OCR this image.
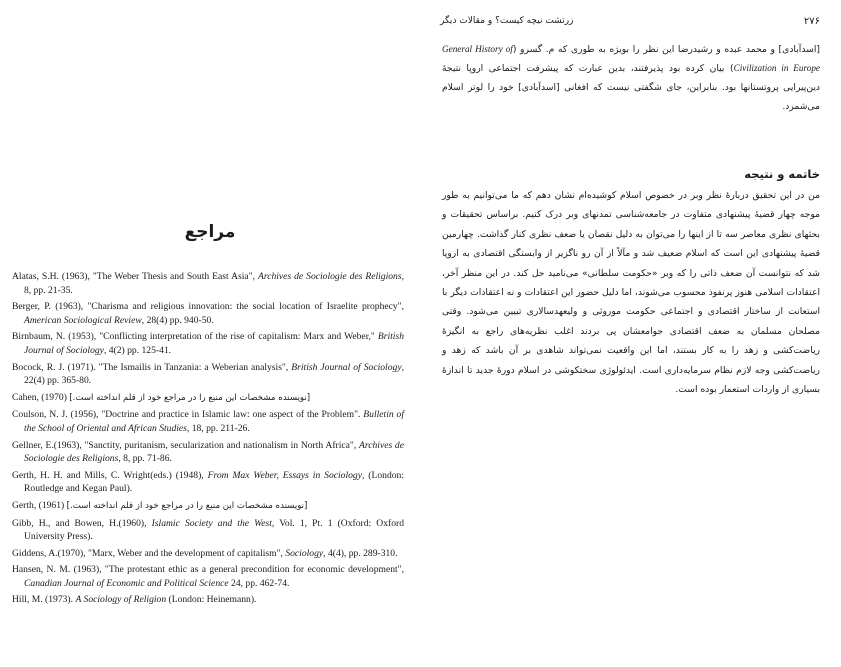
مراجع
Alatas, S.H. (1963), "The Weber Thesis and South East Asia", Archives de Sociologie des Religions, 8, pp. 21-35.
Berger, P. (1963), "Charisma and religious innovation: the social location of Israelite prophecy", American Sociological Review, 28(4) pp. 940-50.
Birnbaum, N. (1953), "Conflicting interpretation of the rise of capitalism: Marx and Weber," British Journal of Sociology, 4(2) pp. 125-41.
Bocock, R. J. (1971). "The Ismailis in Tanzania: a Weberian analysis", British Journal of Sociology, 22(4) pp. 365-80.
Cahen, (1970) [نویسنده مشخصات این منبع را در مراجع خود از قلم انداخته است.]
Coulson, N. J. (1956), "Doctrine and practice in Islamic law: one aspect of the Problem". Bulletin of the School of Oriental and African Studies, 18, pp. 211-26.
Gellner, E.(1963), "Sanctity, puritanism, secularization and nationalism in North Africa", Archives de Sociologie des Religions, 8, pp. 71-86.
Gerth, H. H. and Mills, C. Wright(eds.) (1948), From Max Weber, Essays in Sociology, (London: Routledge and Kegan Paul).
Gerth, (1961) [نویسنده مشخصات این منبع را در مراجع خود از قلم انداخته است.]
Gibb, H., and Bowen, H.(1960), Islamic Society and the West, Vol. 1, Pt. 1 (Oxford: Oxford University Press).
Giddens, A.(1970), "Marx, Weber and the development of capitalism", Sociology, 4(4), pp. 289-310.
Hansen, N. M. (1963), "The protestant ethic as a general precondition for economic development", Canadian Journal of Economic and Political Science 24, pp. 462-74.
Hill, M. (1973). A Sociology of Religion (London: Heinemann).
۲۷۶
زرتشت نیچه کیست؟ و مقالات دیگر
[اسدآبادی] و محمد عبده و رشیدرضا این نظر را بویژه به طوری که م. گسرو (General History of Civilization in Europe) بیان کرده بود پذیرفتند، بدین عبارت که پیشرفت اجتماعی اروپا نتیجهٔ دین‌پیرایی پروتستانها بود. بنابراین، جای شگفتی نیست که افغانی [اسدآبادی] خود را لوتر اسلام می‌شمرد.
خاتمه و نتیجه
من در این تحقیق دربارهٔ نظر وبر در خصوص اسلام کوشیده‌ام نشان دهم که ما می‌توانیم به طور موجه چهار قضیهٔ پیشنهادی متفاوت در جامعه‌شناسی تمدنهای وبر درک کنیم. براساس تحقیقات و بحثهای نظری معاصر سه تا از اینها را می‌توان به دلیل نقصان یا ضعف نظری کنار گذاشت. چهارمین قضیهٔ پیشنهادی این است که اسلام ضعیف شد و مآلاً از آن رو ناگزیر از وابستگی اقتصادی به اروپا شد که نتوانست آن ضعف ذاتی را که وبر «حکومت سلطانی» می‌نامید حل کند. در این منظر آخر، اعتقادات اسلامی هنوز پرنفوذ محسوب می‌شوند، اما دلیل حضور این اعتقادات و نه اعتقادات دیگر با استعانت از ساختار اقتصادی و اجتماعی حکومت موروثی و ولیعهدسالاری تبیین می‌شود. وقتی مصلحان مسلمان به ضعف اقتصادی جوامعشان پی بردند اغلب نظریه‌های راجع به انگیزهٔ ریاضت‌کشی و زهد را به کار بستند، اما این واقعیت نمی‌تواند شاهدی بر آن باشد که زهد و ریاضت‌کشی وجه لازم نظام سرمایه‌داری است. ایدئولوژی سختکوشی در اسلام دورهٔ جدید تا اندازهٔ بسیاری از واردات استعمار بوده است.
